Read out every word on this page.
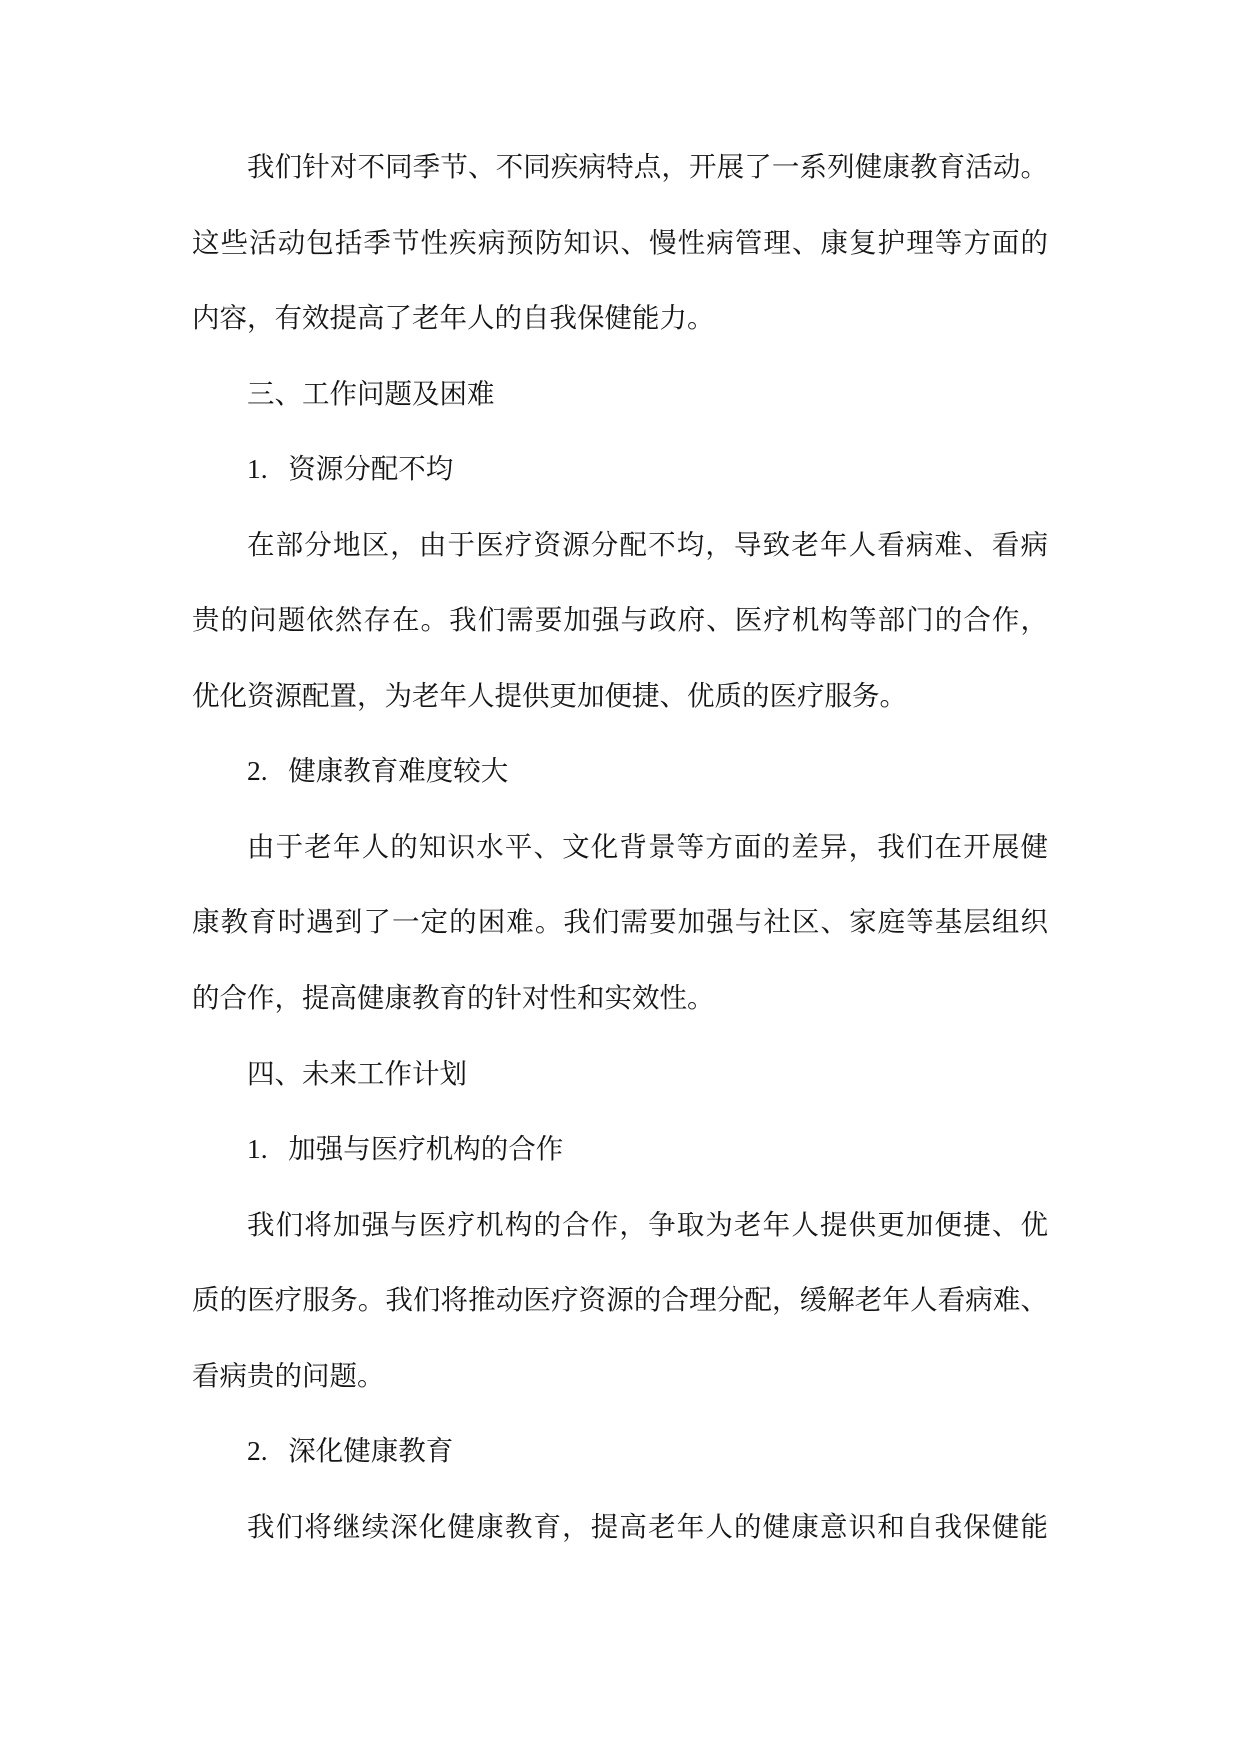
我们针对不同季节、不同疾病特点，开展了一系列健康教育活动。
这些活动包括季节性疾病预防知识、慢性病管理、康复护理等方面的
内容，有效提高了老年人的自我保健能力。
三、工作问题及困难
1.   资源分配不均
在部分地区，由于医疗资源分配不均，导致老年人看病难、看病
贵的问题依然存在。我们需要加强与政府、医疗机构等部门的合作，
优化资源配置，为老年人提供更加便捷、优质的医疗服务。
2.   健康教育难度较大
由于老年人的知识水平、文化背景等方面的差异，我们在开展健
康教育时遇到了一定的困难。我们需要加强与社区、家庭等基层组织
的合作，提高健康教育的针对性和实效性。
四、未来工作计划
1.   加强与医疗机构的合作
我们将加强与医疗机构的合作，争取为老年人提供更加便捷、优
质的医疗服务。我们将推动医疗资源的合理分配，缓解老年人看病难、
看病贵的问题。
2.   深化健康教育
我们将继续深化健康教育，提高老年人的健康意识和自我保健能
